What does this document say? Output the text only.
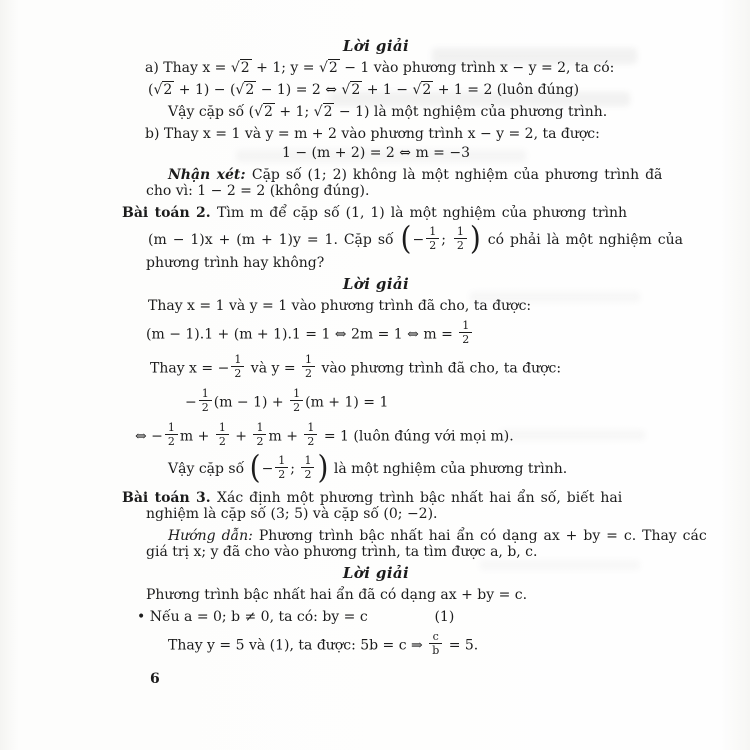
Lời giải
a) Thay x = √2 + 1; y = √2 − 1 vào phương trình x − y = 2, ta có:
(√2 + 1) − (√2 − 1) = 2 ⇔ √2 + 1 − √2 + 1 = 2 (luôn đúng)
Vậy cặp số (√2 + 1; √2 − 1) là một nghiệm của phương trình.
b) Thay x = 1 và y = m + 2 vào phương trình x − y = 2, ta được:
1 − (m + 2) = 2 ⇔ m = −3
Nhận xét: Cặp số (1; 2) không là một nghiệm của phương trình đã
cho vì: 1 − 2 = 2 (không đúng).
Bài toán 2. Tìm m để cặp số (1, 1) là một nghiệm của phương trình
(m − 1)x + (m + 1)y = 1. Cặp số (− $\frac{1}{2}$ ; $\frac{1}{2}$ ) có phải là một nghiệm của
phương trình hay không?
Lời giải
Thay x = 1 và y = 1 vào phương trình đã cho, ta được:
(m − 1).1 + (m + 1).1 = 1 ⇔ 2m = 1 ⇔ $m = \frac{1}{2}$
Thay x = − $\frac{1}{2}$ và $y = \frac{1}{2}$ vào phương trình đã cho, ta được:
− $\frac{1}{2} (m - 1) + \frac{1}{2} (m + 1) = 1$
⇔ − $\frac{1}{2}$ $m + \frac{1}{2} + \frac{1}{2}$ $m + \frac{1}{2} = 1$ (luôn đúng với mọi m).
Vậy cặp số (− $\frac{1}{2}$ ; $\frac{1}{2}$ ) là một nghiệm của phương trình.
Bài toán 3. Xác định một phương trình bậc nhất hai ẩn số, biết hai
nghiệm là cặp số (3; 5) và cặp số (0; −2).
Hướng dẫn: Phương trình bậc nhất hai ẩn có dạng ax + by = c. Thay các
giá trị x; y đã cho vào phương trình, ta tìm được a, b, c.
Lời giải
Phương trình bậc nhất hai ẩn đã có dạng ax + by = c.
• Nếu a = 0; b ≠ 0, ta có: by = c               (1)
Thay y = 5 và (1), ta được: 5b = c ⇒ $\frac{c}{b} = 5$.
6
